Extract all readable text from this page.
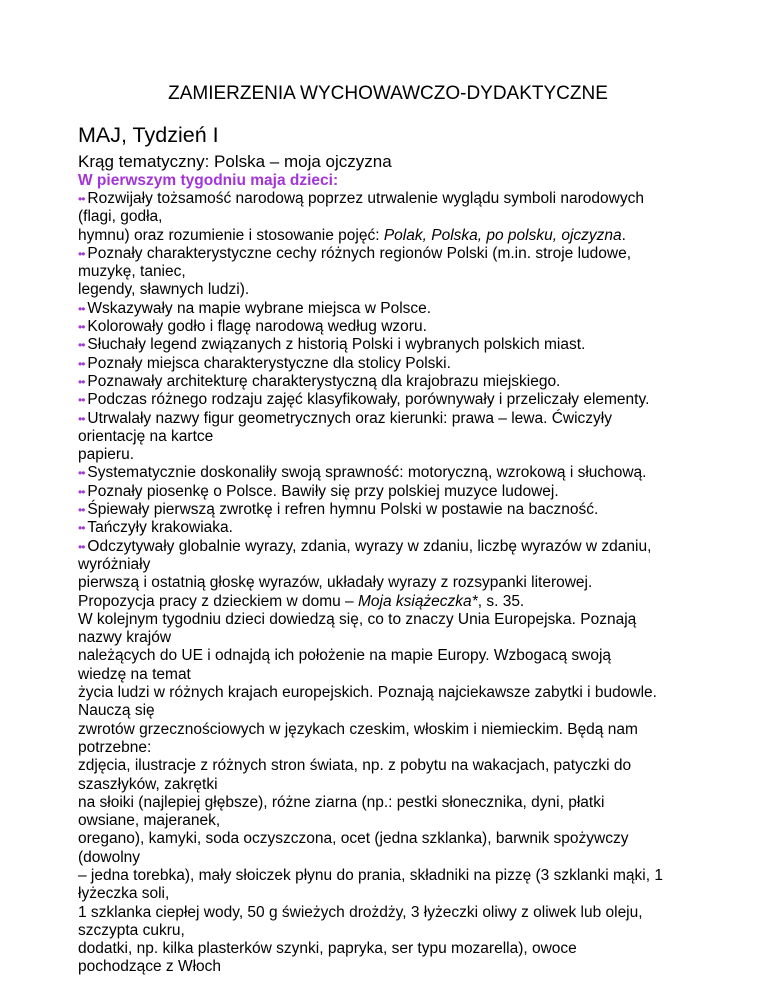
ZAMIERZENIA WYCHOWAWCZO-DYDAKTYCZNE
MAJ, Tydzień I
Krąg tematyczny: Polska – moja ojczyzna
W pierwszym tygodniu maja dzieci:
•• Rozwijały tożsamość narodową poprzez utrwalenie wyglądu symboli narodowych
(flagi, godła,
hymnu) oraz rozumienie i stosowanie pojęć: Polak, Polska, po polsku, ojczyzna.
•• Poznały charakterystyczne cechy różnych regionów Polski (m.in. stroje ludowe,
muzykę, taniec,
legendy, sławnych ludzi).
•• Wskazywały na mapie wybrane miejsca w Polsce.
•• Kolorowały godło i flagę narodową według wzoru.
•• Słuchały legend związanych z historią Polski i wybranych polskich miast.
•• Poznały miejsca charakterystyczne dla stolicy Polski.
•• Poznawały architekturę charakterystyczną dla krajobrazu miejskiego.
•• Podczas różnego rodzaju zajęć klasyfikowały, porównywały i przeliczały elementy.
•• Utrwalały nazwy figur geometrycznych oraz kierunki: prawa – lewa. Ćwiczyły
orientację na kartce
papieru.
•• Systematycznie doskonaliły swoją sprawność: motoryczną, wzrokową i słuchową.
•• Poznały piosenkę o Polsce. Bawiły się przy polskiej muzyce ludowej.
•• Śpiewały pierwszą zwrotkę i refren hymnu Polski w postawie na baczność.
•• Tańczyły krakowiaka.
•• Odczytywały globalnie wyrazy, zdania, wyrazy w zdaniu, liczbę wyrazów w zdaniu,
wyróżniały
pierwszą i ostatnią głoskę wyrazów, układały wyrazy z rozsypanki literowej.
Propozycja pracy z dzieckiem w domu – Moja książeczka*, s. 35.
W kolejnym tygodniu dzieci dowiedzą się, co to znaczy Unia Europejska. Poznają
nazwy krajów
należących do UE i odnajdą ich położenie na mapie Europy. Wzbogacą swoją
wiedzę na temat
życia ludzi w różnych krajach europejskich. Poznają najciekawsze zabytki i budowle.
Nauczą się
zwrotów grzecznościowych w językach czeskim, włoskim i niemieckim. Będą nam
potrzebne:
zdjęcia, ilustracje z różnych stron świata, np. z pobytu na wakacjach, patyczki do
szaszłyków, zakrętki
na słoiki (najlepiej głębsze), różne ziarna (np.: pestki słonecznika, dyni, płatki
owsiane, majeranek,
oregano), kamyki, soda oczyszczona, ocet (jedna szklanka), barwnik spożywczy
(dowolny
– jedna torebka), mały słoiczek płynu do prania, składniki na pizzę (3 szklanki mąki, 1
łyżeczka soli,
1 szklanka ciepłej wody, 50 g świeżych drożdży, 3 łyżeczki oliwy z oliwek lub oleju,
szczypta cukru,
dodatki, np. kilka plasterków szynki, papryka, ser typu mozarella), owoce
pochodzące z Włoch
